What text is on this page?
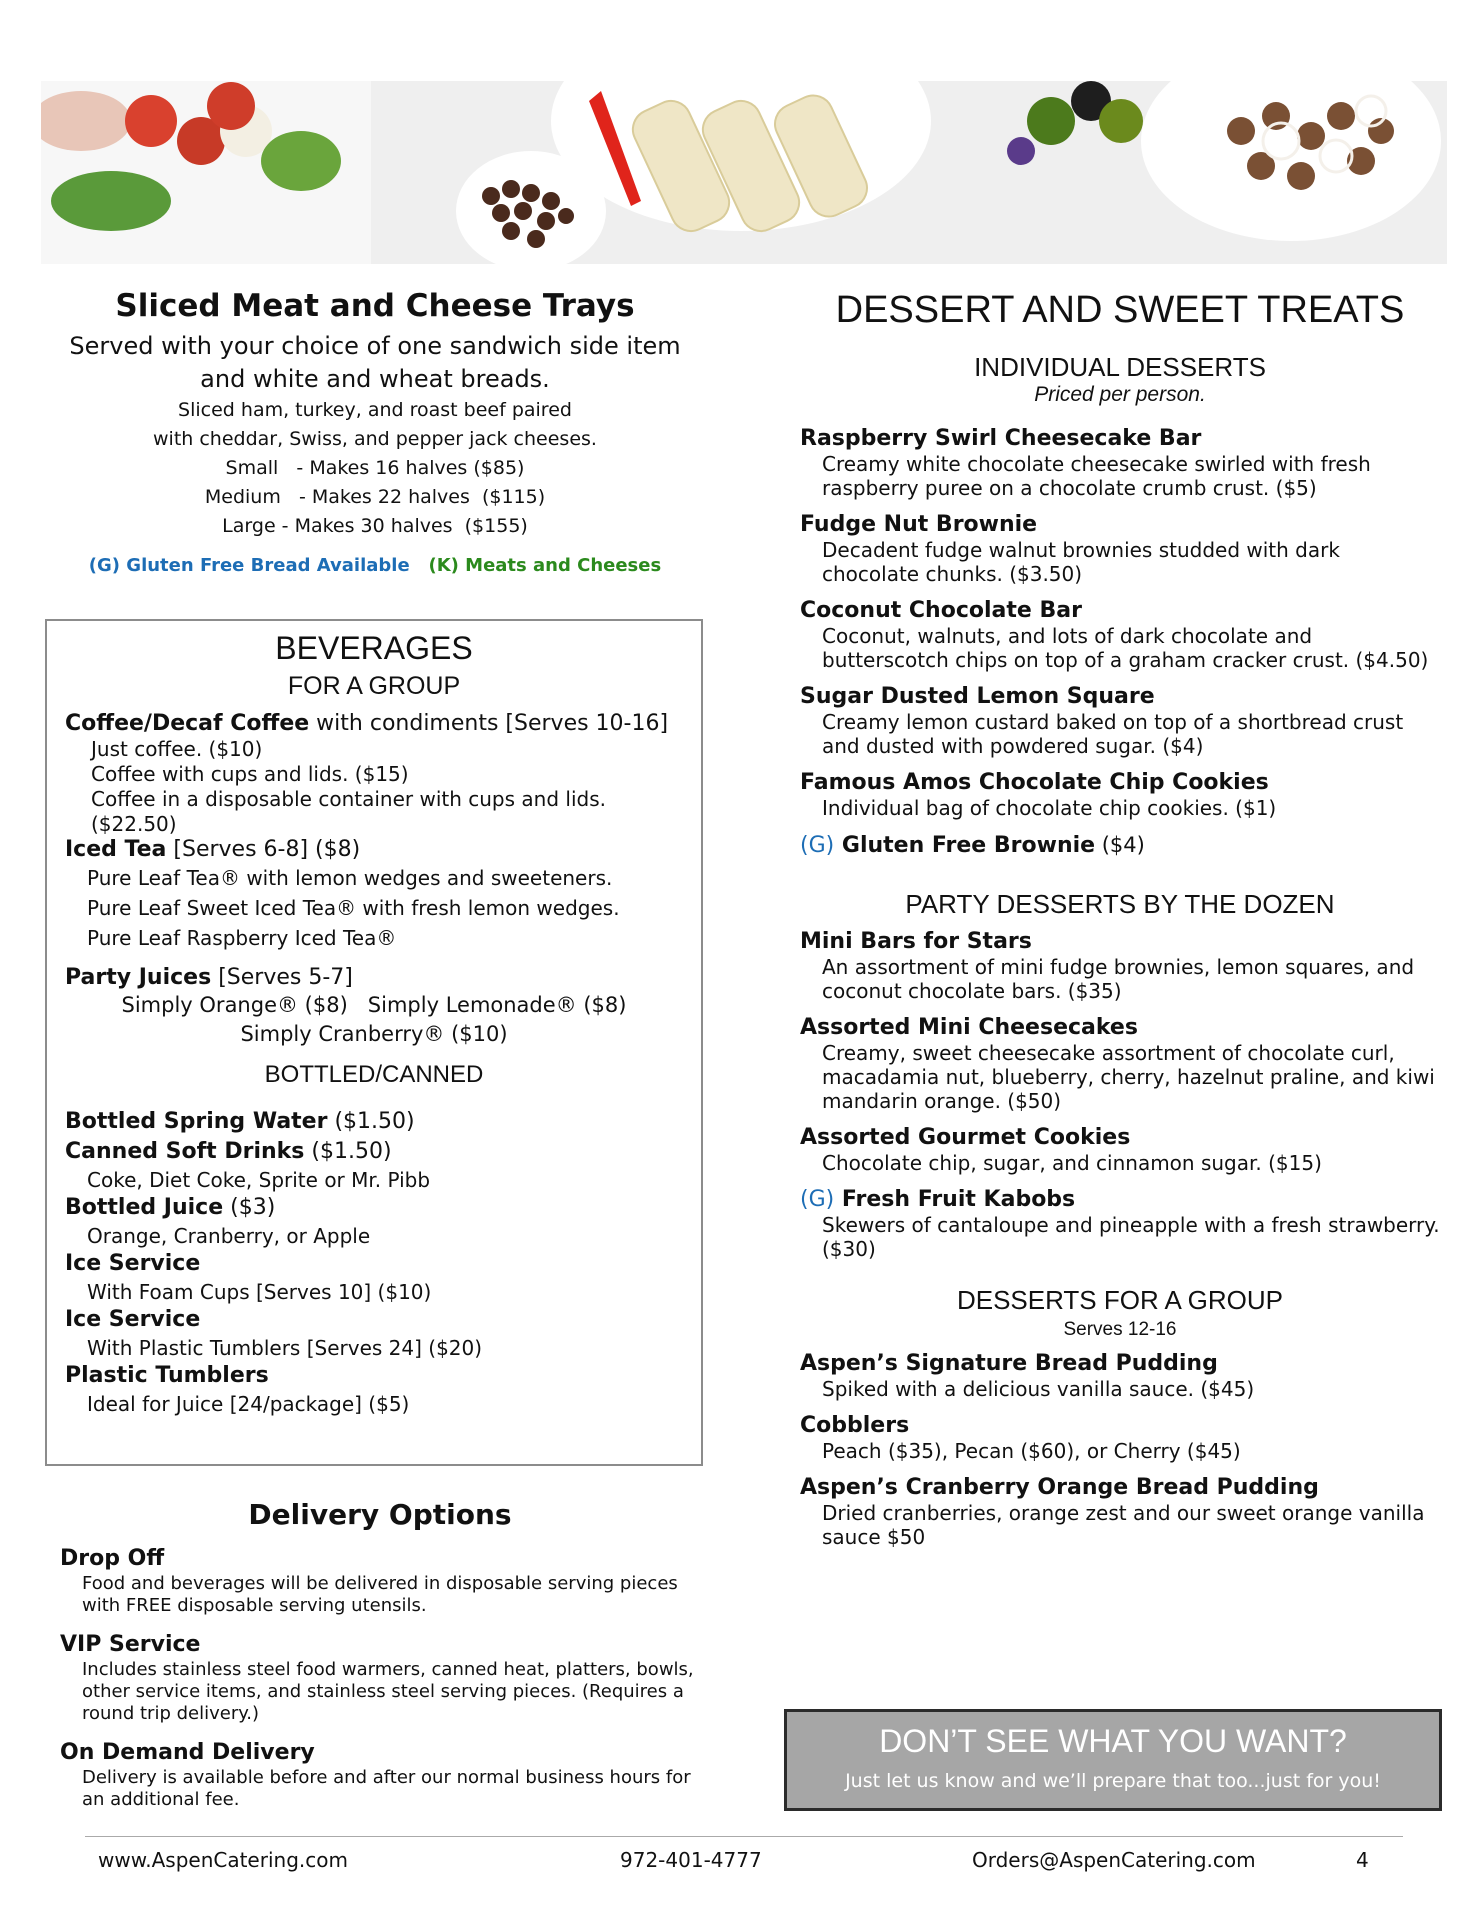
Sliced Meat and Cheese Trays
Served with your choice of one sandwich side item
and white and wheat breads.
Sliced ham, turkey, and roast beef paired
with cheddar, Swiss, and pepper jack cheeses.
Small   - Makes 16 halves ($85)
Medium   - Makes 22 halves  ($115)
Large - Makes 30 halves  ($155)
(G) Gluten Free Bread Available (K) Meats and Cheeses
BEVERAGES
FOR A GROUP
Coffee/Decaf Coffee with condiments [Serves 10-16]
Just coffee. ($10)
Coffee with cups and lids. ($15)
Coffee in a disposable container with cups and lids.
($22.50)
Iced Tea [Serves 6-8] ($8)
Pure Leaf Tea® with lemon wedges and sweeteners.
Pure Leaf Sweet Iced Tea® with fresh lemon wedges.
Pure Leaf Raspberry Iced Tea®
Party Juices [Serves 5-7]
Simply Orange® ($8)   Simply Lemonade® ($8)
Simply Cranberry® ($10)
BOTTLED/CANNED
Bottled Spring Water ($1.50)
Canned Soft Drinks ($1.50)
Coke, Diet Coke, Sprite or Mr. Pibb
Bottled Juice ($3)
Orange, Cranberry, or Apple
Ice Service
With Foam Cups [Serves 10] ($10)
Ice Service
With Plastic Tumblers [Serves 24] ($20)
Plastic Tumblers
Ideal for Juice [24/package] ($5)
Delivery Options
Drop Off
Food and beverages will be delivered in disposable serving pieces with FREE disposable serving utensils.
VIP Service
Includes stainless steel food warmers, canned heat, platters, bowls, other service items, and stainless steel serving pieces. (Requires a round trip delivery.)
On Demand Delivery
Delivery is available before and after our normal business hours for an additional fee.
DESSERT AND SWEET TREATS
INDIVIDUAL DESSERTS
Priced per person.
Raspberry Swirl Cheesecake Bar
Creamy white chocolate cheesecake swirled with fresh raspberry puree on a chocolate crumb crust. ($5)
Fudge Nut Brownie
Decadent fudge walnut brownies studded with dark chocolate chunks. ($3.50)
Coconut Chocolate Bar
Coconut, walnuts, and lots of dark chocolate and butterscotch chips on top of a graham cracker crust. ($4.50)
Sugar Dusted Lemon Square
Creamy lemon custard baked on top of a shortbread crust and dusted with powdered sugar. ($4)
Famous Amos Chocolate Chip Cookies
Individual bag of chocolate chip cookies. ($1)
(G) Gluten Free Brownie ($4)
PARTY DESSERTS BY THE DOZEN
Mini Bars for Stars
An assortment of mini fudge brownies, lemon squares, and coconut chocolate bars. ($35)
Assorted Mini Cheesecakes
Creamy, sweet cheesecake assortment of chocolate curl, macadamia nut, blueberry, cherry, hazelnut praline, and kiwi mandarin orange. ($50)
Assorted Gourmet Cookies
Chocolate chip, sugar, and cinnamon sugar. ($15)
(G) Fresh Fruit Kabobs
Skewers of cantaloupe and pineapple with a fresh strawberry. ($30)
DESSERTS FOR A GROUP
Serves 12-16
Aspen’s Signature Bread Pudding
Spiked with a delicious vanilla sauce. ($45)
Cobblers
Peach ($35), Pecan ($60), or Cherry ($45)
Aspen’s Cranberry Orange Bread Pudding
Dried cranberries, orange zest and our sweet orange vanilla sauce $50
DON’T SEE WHAT YOU WANT?
Just let us know and we’ll prepare that too...just for you!
www.AspenCatering.com	972-401-4777	Orders@AspenCatering.com	4
